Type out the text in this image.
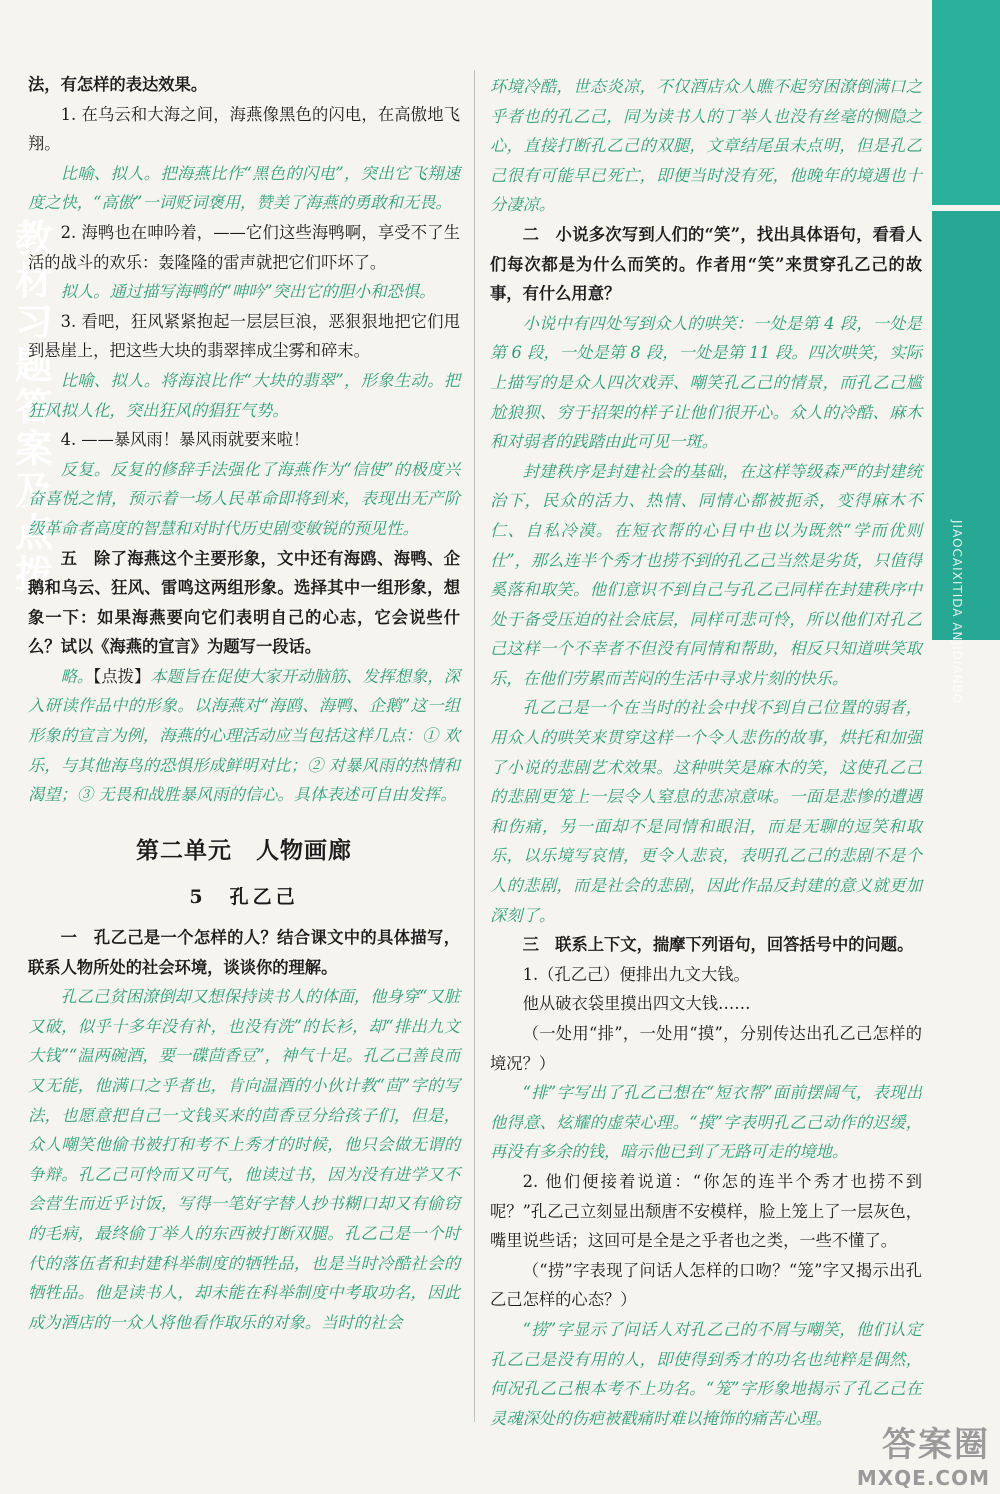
教材习题答案及点拨	JIAOCAIXITIDA ANJIDIANBO

法，有怎样的表达效果。

1. 在乌云和大海之间，海燕像黑色的闪电，在高傲地飞翔。

比喻、拟人。把海燕比作“黑色的闪电”，突出它飞翔速度之快，“高傲”一词贬词褒用，赞美了海燕的勇敢和无畏。

2. 海鸭也在呻吟着，——它们这些海鸭啊，享受不了生活的战斗的欢乐：轰隆隆的雷声就把它们吓坏了。

拟人。通过描写海鸭的“呻吟”突出它的胆小和恐惧。

3. 看吧，狂风紧紧抱起一层层巨浪，恶狠狠地把它们甩到悬崖上，把这些大块的翡翠摔成尘雾和碎末。

比喻、拟人。将海浪比作“大块的翡翠”，形象生动。把狂风拟人化，突出狂风的猖狂气势。

4. ——暴风雨！暴风雨就要来啦！

反复。反复的修辞手法强化了海燕作为“信使”的极度兴奋喜悦之情，预示着一场人民革命即将到来，表现出无产阶级革命者高度的智慧和对时代历史剧变敏锐的预见性。

五　除了海燕这个主要形象，文中还有海鸥、海鸭、企鹅和乌云、狂风、雷鸣这两组形象。选择其中一组形象，想象一下：如果海燕要向它们表明自己的心志，它会说些什么？试以《海燕的宣言》为题写一段话。

略。【点拨】本题旨在促使大家开动脑筋、发挥想象，深入研读作品中的形象。以海燕对“海鸥、海鸭、企鹅”这一组形象的宣言为例，海燕的心理活动应当包括这样几点：① 欢乐，与其他海鸟的恐惧形成鲜明对比；② 对暴风雨的热情和渴望；③ 无畏和战胜暴风雨的信心。具体表述可自由发挥。

第二单元　人物画廊

5　孔乙己

一　孔乙己是一个怎样的人？结合课文中的具体描写，联系人物所处的社会环境，谈谈你的理解。

孔乙己贫困潦倒却又想保持读书人的体面，他身穿“又脏又破，似乎十多年没有补，也没有洗”的长衫，却“排出九文大钱”“温两碗酒，要一碟茴香豆”，神气十足。孔乙己善良而又无能，他满口之乎者也，肯向温酒的小伙计教“茴”字的写法，也愿意把自己一文钱买来的茴香豆分给孩子们，但是，众人嘲笑他偷书被打和考不上秀才的时候，他只会做无谓的争辩。孔乙己可怜而又可气，他读过书，因为没有进学又不会营生而近乎讨饭，写得一笔好字替人抄书糊口却又有偷窃的毛病，最终偷丁举人的东西被打断双腿。孔乙己是一个时代的落伍者和封建科举制度的牺牲品，也是当时冷酷社会的牺牲品。他是读书人，却未能在科举制度中考取功名，因此成为酒店的一众人将他看作取乐的对象。当时的社会

环境冷酷，世态炎凉，不仅酒店众人瞧不起穷困潦倒满口之乎者也的孔乙己，同为读书人的丁举人也没有丝毫的恻隐之心，直接打断孔乙己的双腿，文章结尾虽未点明，但是孔乙己很有可能早已死亡，即便当时没有死，他晚年的境遇也十分凄凉。

二　小说多次写到人们的“笑”，找出具体语句，看看人们每次都是为什么而笑的。作者用“笑”来贯穿孔乙己的故事，有什么用意？

小说中有四处写到众人的哄笑：一处是第 4 段，一处是第 6 段，一处是第 8 段，一处是第 11 段。四次哄笑，实际上描写的是众人四次戏弄、嘲笑孔乙己的情景，而孔乙己尴尬狼狈、穷于招架的样子让他们很开心。众人的冷酷、麻木和对弱者的践踏由此可见一斑。

封建秩序是封建社会的基础，在这样等级森严的封建统治下，民众的活力、热情、同情心都被扼杀，变得麻木不仁、自私冷漠。在短衣帮的心目中也以为既然“学而优则仕”，那么连半个秀才也捞不到的孔乙己当然是劣货，只值得奚落和取笑。他们意识不到自己与孔乙己同样在封建秩序中处于备受压迫的社会底层，同样可悲可怜，所以他们对孔乙己这样一个不幸者不但没有同情和帮助，相反只知道哄笑取乐，在他们劳累而苦闷的生活中寻求片刻的快乐。

孔乙己是一个在当时的社会中找不到自己位置的弱者，用众人的哄笑来贯穿这样一个令人悲伤的故事，烘托和加强了小说的悲剧艺术效果。这种哄笑是麻木的笑，这使孔乙己的悲剧更笼上一层令人窒息的悲凉意味。一面是悲惨的遭遇和伤痛，另一面却不是同情和眼泪，而是无聊的逗笑和取乐，以乐境写哀情，更令人悲哀，表明孔乙己的悲剧不是个人的悲剧，而是社会的悲剧，因此作品反封建的意义就更加深刻了。

三　联系上下文，揣摩下列语句，回答括号中的问题。

1.（孔乙己）便排出九文大钱。

他从破衣袋里摸出四文大钱……

（一处用“排”，一处用“摸”，分别传达出孔乙己怎样的境况？）

“排”字写出了孔乙己想在“短衣帮”面前摆阔气，表现出他得意、炫耀的虚荣心理。“摸”字表明孔乙己动作的迟缓，再没有多余的钱，暗示他已到了无路可走的境地。

2. 他们便接着说道：“你怎的连半个秀才也捞不到呢？”孔乙己立刻显出颓唐不安模样，脸上笼上了一层灰色，嘴里说些话；这回可是全是之乎者也之类，一些不懂了。

（“捞”字表现了问话人怎样的口吻？“笼”字又揭示出孔乙己怎样的心态？）

“捞”字显示了问话人对孔乙己的不屑与嘲笑，他们认定孔乙己是没有用的人，即使得到秀才的功名也纯粹是偶然，何况孔乙己根本考不上功名。“笼”字形象地揭示了孔乙己在灵魂深处的伤疤被戳痛时难以掩饰的痛苦心理。

答案圈
MXQE.COM
